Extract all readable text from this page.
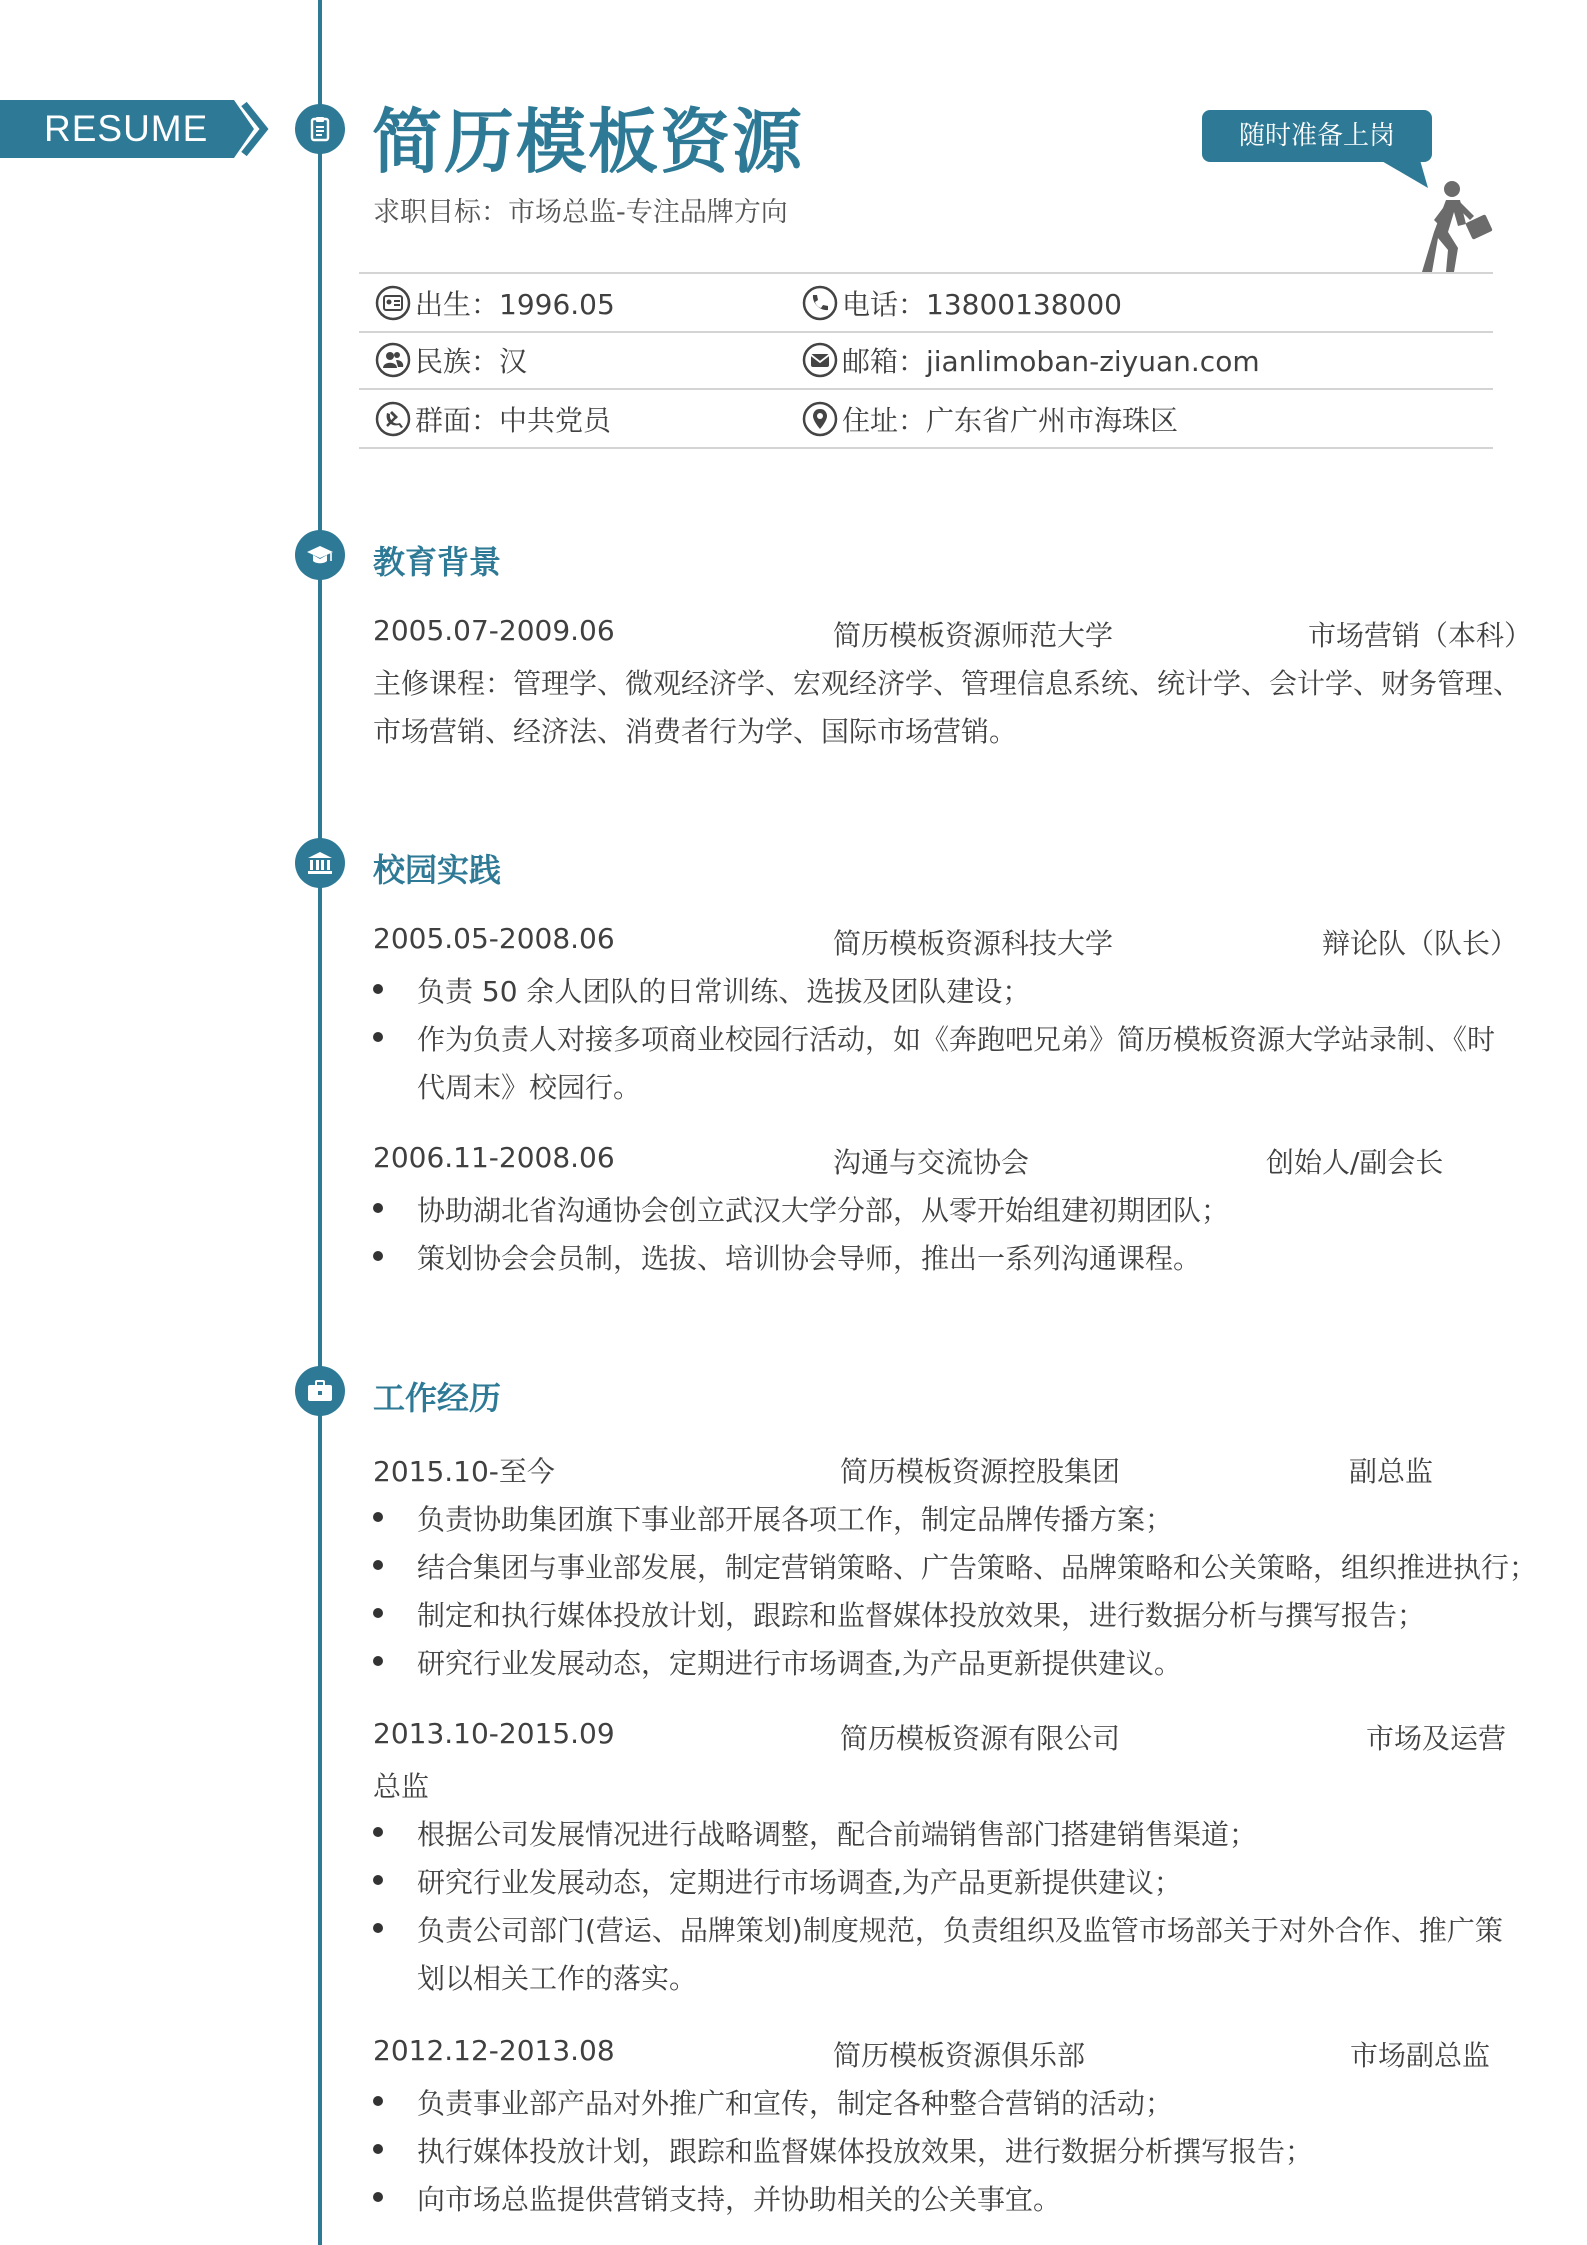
RESUME	简历模板资源
求职目标：市场总监-专注品牌方向
随时准备上岗
出生：1996.05	电话：13800138000
民族：汉	邮箱：jianlimoban-ziyuan.com
群面：中共党员	住址：广东省广州市海珠区
教育背景
2005.07-2009.06	简历模板资源师范大学	市场营销（本科）
主修课程：管理学、微观经济学、宏观经济学、管理信息系统、统计学、会计学、财务管理、
市场营销、经济法、消费者行为学、国际市场营销。
校园实践
2005.05-2008.06	简历模板资源科技大学	辩论队（队长）
负责 50 余人团队的日常训练、选拔及团队建设；
作为负责人对接多项商业校园行活动，如《奔跑吧兄弟》简历模板资源大学站录制、《时
代周末》校园行。
2006.11-2008.06	沟通与交流协会	创始人/副会长
协助湖北省沟通协会创立武汉大学分部，从零开始组建初期团队；
策划协会会员制，选拔、培训协会导师，推出一系列沟通课程。
工作经历
2015.10-至今	简历模板资源控股集团	副总监
负责协助集团旗下事业部开展各项工作，制定品牌传播方案；
结合集团与事业部发展，制定营销策略、广告策略、品牌策略和公关策略，组织推进执行；
制定和执行媒体投放计划，跟踪和监督媒体投放效果，进行数据分析与撰写报告；
研究行业发展动态，定期进行市场调查,为产品更新提供建议。
2013.10-2015.09	简历模板资源有限公司	市场及运营
总监
根据公司发展情况进行战略调整，配合前端销售部门搭建销售渠道；
研究行业发展动态，定期进行市场调查,为产品更新提供建议；
负责公司部门(营运、品牌策划)制度规范，负责组织及监管市场部关于对外合作、推广策
划以相关工作的落实。
2012.12-2013.08	简历模板资源俱乐部	市场副总监
负责事业部产品对外推广和宣传，制定各种整合营销的活动；
执行媒体投放计划，跟踪和监督媒体投放效果，进行数据分析撰写报告；
向市场总监提供营销支持，并协助相关的公关事宜。
